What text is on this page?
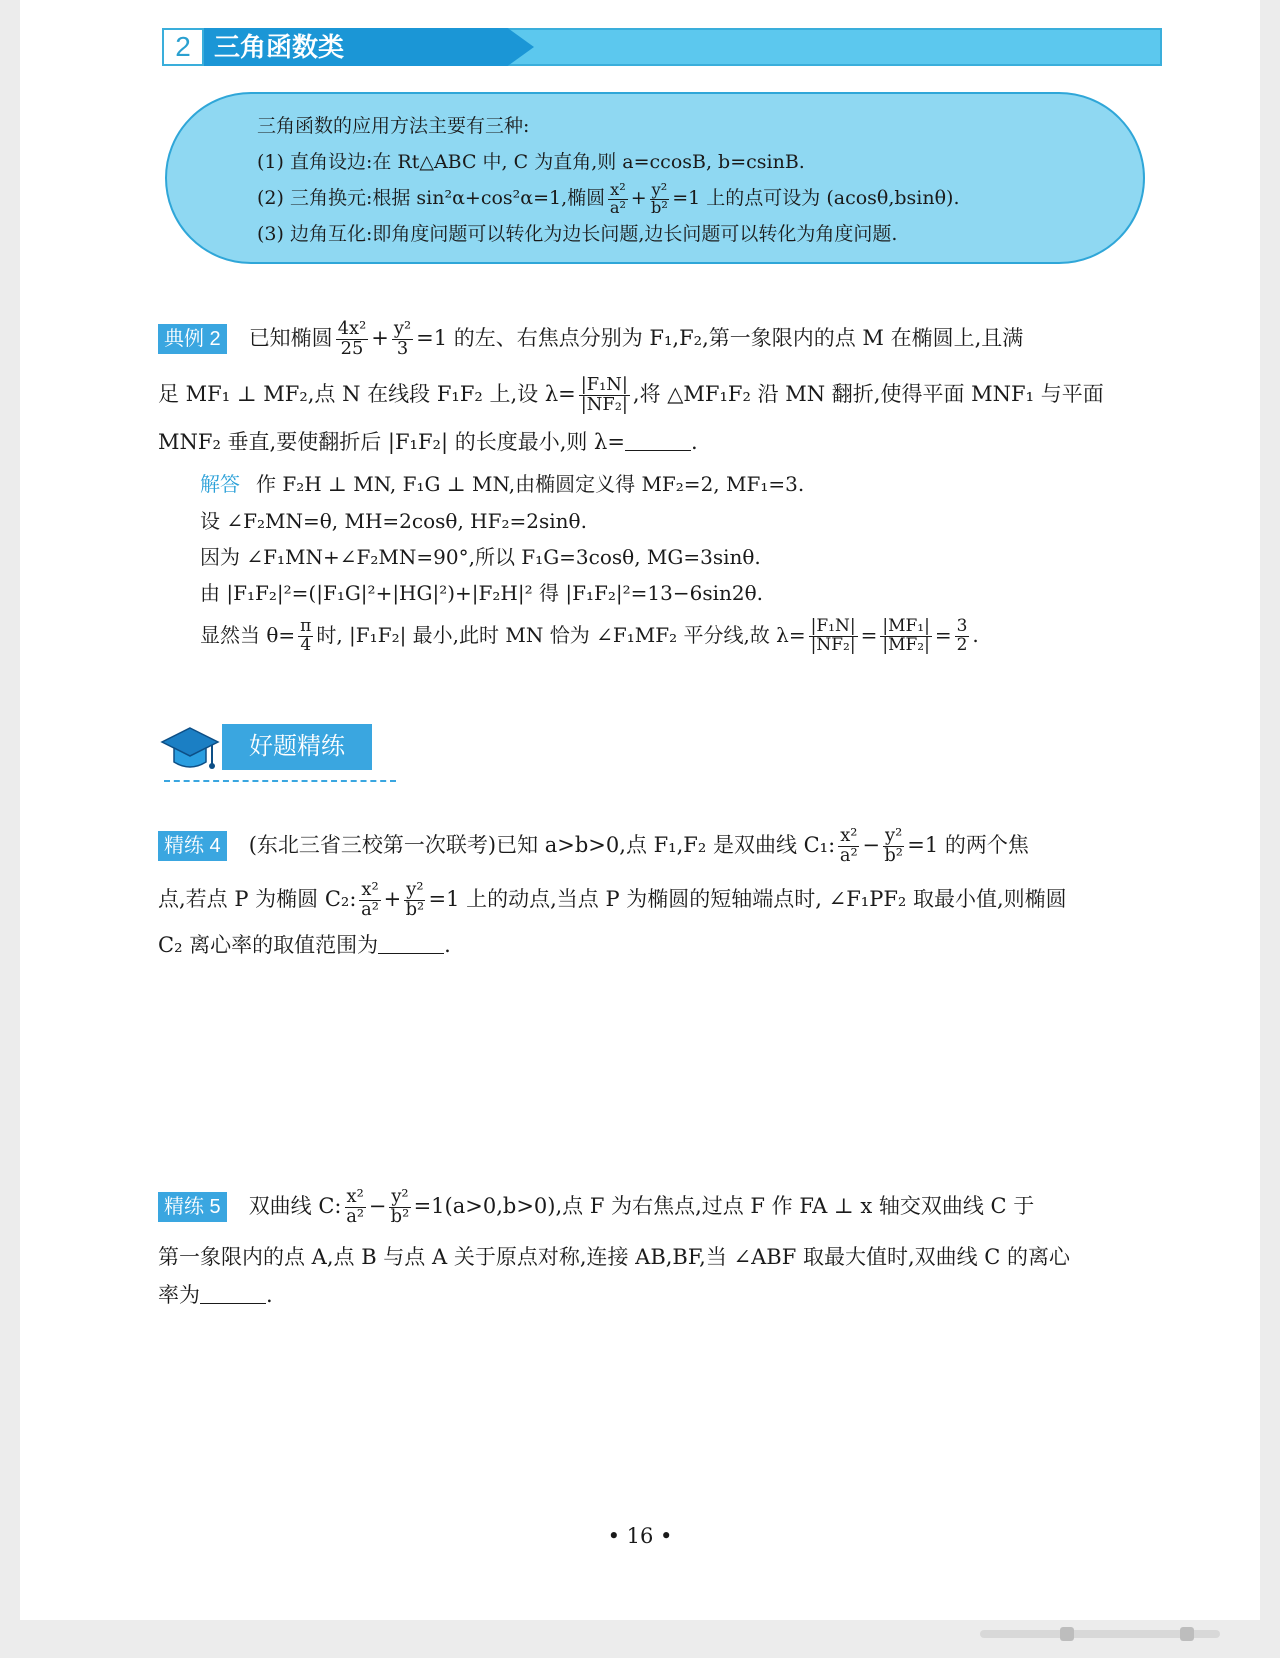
2 三角函数类
三角函数的应用方法主要有三种:
(1) 直角设边:在 Rt△ABC 中, C 为直角,则 a=ccosB, b=csinB.
(2) 三角换元:根据 sin²α+cos²α=1,椭圆 $\frac{\text{x²}}{\text{a²}} + \frac{\text{y²}}{\text{b²}} =1$ 上的点可设为 (acosθ,bsinθ).
(3) 边角互化:即角度问题可以转化为边长问题,边长问题可以转化为角度问题.
典例 2 已知椭圆 $\frac{\text{4x²}}{25} + \frac{\text{y²}}{3} =1$ 的左、右焦点分别为 F₁,F₂,第一象限内的点 M 在椭圆上,且满
足 MF₁ ⊥ MF₂,点 N 在线段 F₁F₂ 上,设 $\lambda= \frac{\text{|F₁N|}}{\text{|NF₂|}}$ ,将 △MF₁F₂ 沿 MN 翻折,使得平面 MNF₁ 与平面
MNF₂ 垂直,要使翻折后 |F₁F₂| 的长度最小,则 λ=	.
解答 作 F₂H ⊥ MN, F₁G ⊥ MN,由椭圆定义得 MF₂=2, MF₁=3.
设 ∠F₂MN=θ, MH=2cosθ, HF₂=2sinθ.
因为 ∠F₁MN+∠F₂MN=90°,所以 F₁G=3cosθ, MG=3sinθ.
由 |F₁F₂|²=(|F₁G|²+|HG|²)+|F₂H|² 得 |F₁F₂|²=13−6sin2θ.
显然当 $\theta= \frac{\pi}{4}$ 时, |F₁F₂| 最小,此时 MN 恰为 ∠F₁MF₂ 平分线,故 $\lambda= \frac{\text{|F₁N|}}{\text{|NF₂|}} = \frac{\text{|MF₁|}}{\text{|MF₂|}} = \frac{3}{2}$ .
好题精练
精练 4 (东北三省三校第一次联考)已知 a>b>0,点 F₁,F₂ 是双曲线 C₁: $\frac{\text{x²}}{\text{a²}} - \frac{\text{y²}}{\text{b²}} =1$ 的两个焦
点,若点 P 为椭圆 C₂: $\frac{\text{x²}}{\text{a²}} + \frac{\text{y²}}{\text{b²}} =1$ 上的动点,当点 P 为椭圆的短轴端点时, ∠F₁PF₂ 取最小值,则椭圆
C₂ 离心率的取值范围为	.
精练 5 双曲线 C: $\frac{\text{x²}}{\text{a²}} - \frac{\text{y²}}{\text{b²}} =1(a>0,b>0)$,点 F 为右焦点,过点 F 作 FA ⊥ x 轴交双曲线 C 于
第一象限内的点 A,点 B 与点 A 关于原点对称,连接 AB,BF,当 ∠ABF 取最大值时,双曲线 C 的离心
率为	.
• 16 •
